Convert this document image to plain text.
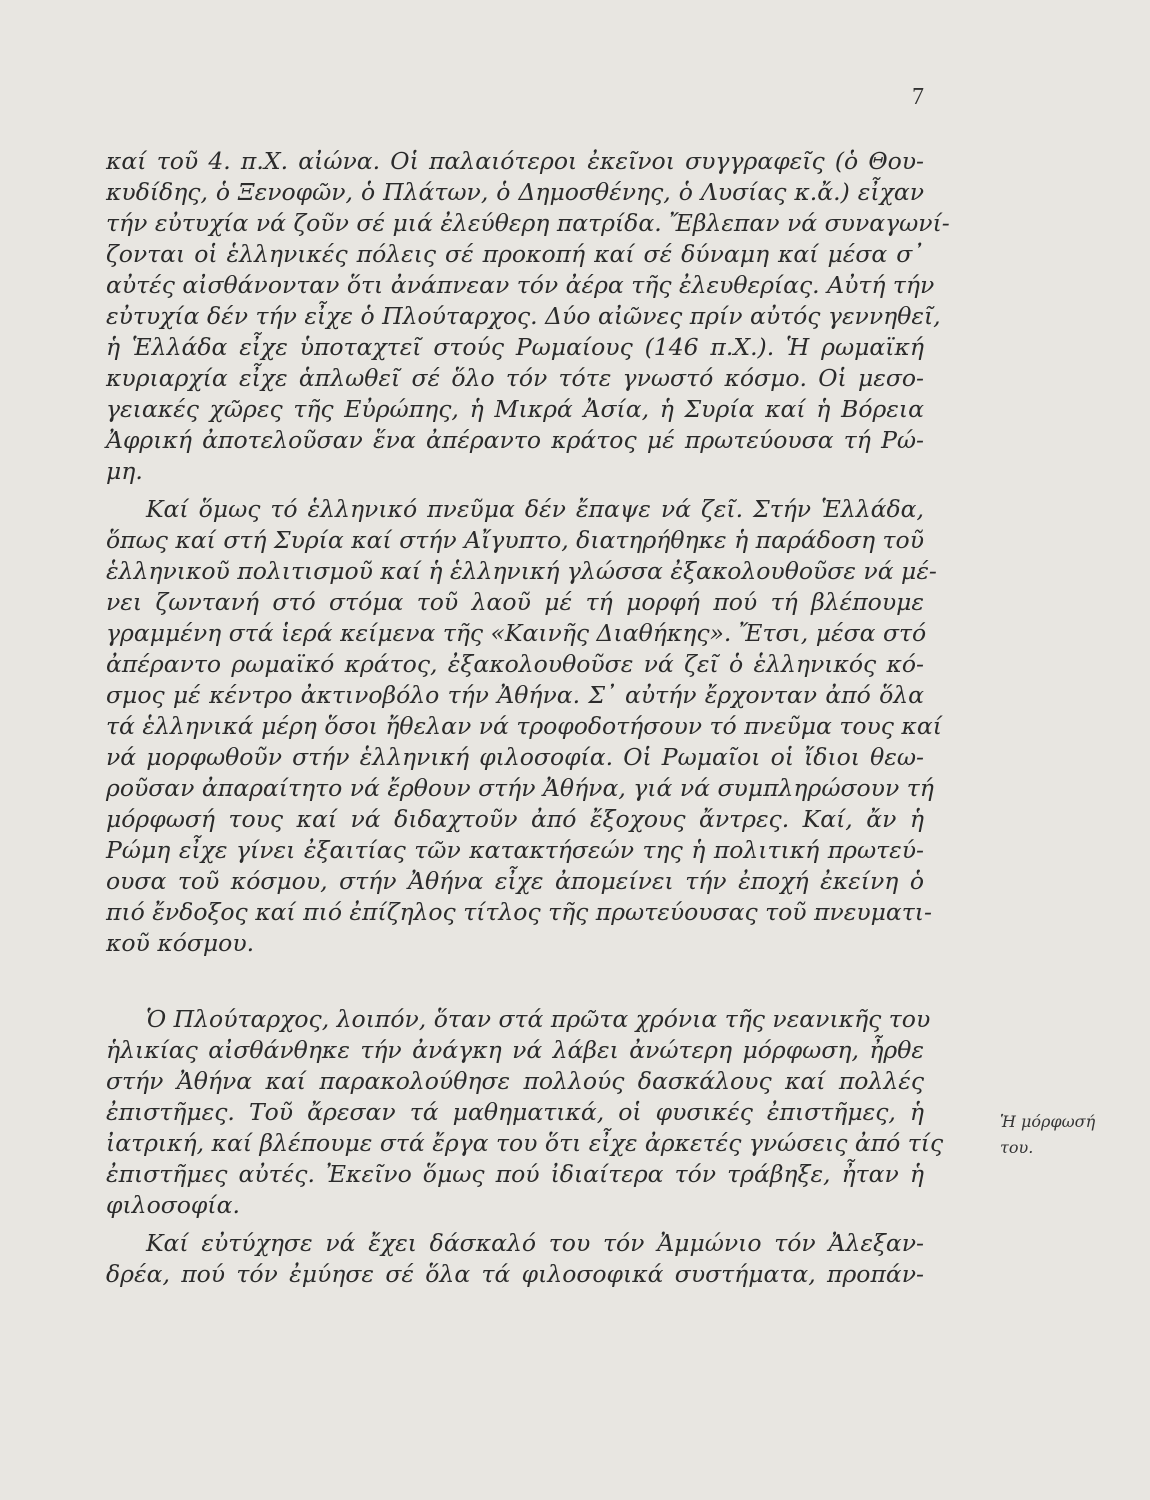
7
καί τοῦ 4. π.Χ. αἰώνα. Οἱ παλαιότεροι ἐκεῖνοι συγγραφεῖς (ὁ Θου-
κυδίδης, ὁ Ξενοφῶν, ὁ Πλάτων, ὁ Δημοσθένης, ὁ Λυσίας κ.ἄ.) εἶχαν
τήν εὐτυχία νά ζοῦν σέ μιά ἐλεύθερη πατρίδα. Ἔβλεπαν νά συναγωνί-
ζονται οἱ ἑλληνικές πόλεις σέ προκοπή καί σέ δύναμη καί μέσα σ᾽
αὐτές αἰσθάνονταν ὅτι ἀνάπνεαν τόν ἀέρα τῆς ἐλευθερίας. Αὐτή τήν
εὐτυχία δέν τήν εἶχε ὁ Πλούταρχος. Δύο αἰῶνες πρίν αὐτός γεννηθεῖ,
ἡ Ἑλλάδα εἶχε ὑποταχτεῖ στούς Ρωμαίους (146 π.Χ.). Ἡ ρωμαϊκή
κυριαρχία εἶχε ἁπλωθεῖ σέ ὅλο τόν τότε γνωστό κόσμο. Οἱ μεσο-
γειακές χῶρες τῆς Εὐρώπης, ἡ Μικρά Ἀσία, ἡ Συρία καί ἡ Βόρεια
Ἀφρική ἀποτελοῦσαν ἕνα ἀπέραντο κράτος μέ πρωτεύουσα τή Ρώ-
μη.
Καί ὅμως τό ἑλληνικό πνεῦμα δέν ἔπαψε νά ζεῖ. Στήν Ἑλλάδα,
ὅπως καί στή Συρία καί στήν Αἴγυπτο, διατηρήθηκε ἡ παράδοση τοῦ
ἑλληνικοῦ πολιτισμοῦ καί ἡ ἑλληνική γλώσσα ἐξακολουθοῦσε νά μέ-
νει ζωντανή στό στόμα τοῦ λαοῦ μέ τή μορφή πού τή βλέπουμε
γραμμένη στά ἱερά κείμενα τῆς «Καινῆς Διαθήκης». Ἔτσι, μέσα στό
ἀπέραντο ρωμαϊκό κράτος, ἐξακολουθοῦσε νά ζεῖ ὁ ἑλληνικός κό-
σμος μέ κέντρο ἀκτινοβόλο τήν Ἀθήνα. Σ᾽ αὐτήν ἔρχονταν ἀπό ὅλα
τά ἑλληνικά μέρη ὅσοι ἤθελαν νά τροφοδοτήσουν τό πνεῦμα τους καί
νά μορφωθοῦν στήν ἑλληνική φιλοσοφία. Οἱ Ρωμαῖοι οἱ ἴδιοι θεω-
ροῦσαν ἀπαραίτητο νά ἔρθουν στήν Ἀθήνα, γιά νά συμπληρώσουν τή
μόρφωσή τους καί νά διδαχτοῦν ἀπό ἔξοχους ἄντρες. Καί, ἄν ἡ
Ρώμη εἶχε γίνει ἐξαιτίας τῶν κατακτήσεών της ἡ πολιτική πρωτεύ-
ουσα τοῦ κόσμου, στήν Ἀθήνα εἶχε ἀπομείνει τήν ἐποχή ἐκείνη ὁ
πιό ἔνδοξος καί πιό ἐπίζηλος τίτλος τῆς πρωτεύουσας τοῦ πνευματι-
κοῦ κόσμου.
Ὁ Πλούταρχος, λοιπόν, ὅταν στά πρῶτα χρόνια τῆς νεανικῆς του
ἡλικίας αἰσθάνθηκε τήν ἀνάγκη νά λάβει ἀνώτερη μόρφωση, ἦρθε
στήν Ἀθήνα καί παρακολούθησε πολλούς δασκάλους καί πολλές
ἐπιστῆμες. Τοῦ ἄρεσαν τά μαθηματικά, οἱ φυσικές ἐπιστῆμες, ἡ
ἰατρική, καί βλέπουμε στά ἔργα του ὅτι εἶχε ἀρκετές γνώσεις ἀπό τίς
ἐπιστῆμες αὐτές. Ἐκεῖνο ὅμως πού ἰδιαίτερα τόν τράβηξε, ἦταν ἡ
φιλοσοφία.
Καί εὐτύχησε νά ἔχει δάσκαλό του τόν Ἀμμώνιο τόν Ἀλεξαν-
δρέα, πού τόν ἐμύησε σέ ὅλα τά φιλοσοφικά συστήματα, προπάν-
Ἡ μόρφωσή
του.
